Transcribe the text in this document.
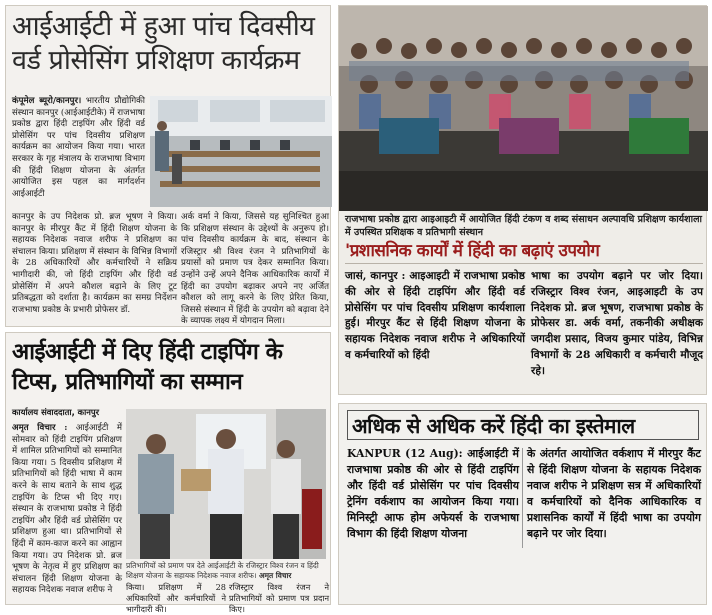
आईआईटी में हुआ पांच दिवसीय वर्ड प्रोसेसिंग प्रशिक्षण कार्यक्रम
कंपूमेल ब्यूरो/कानपुर। भारतीय प्रौद्योगिकी संस्थान कानपुर (आईआईटीके) में राजभाषा प्रकोष्ठ द्वारा हिंदी टाइपिंग और हिंदी वर्ड प्रोसेसिंग पर पांच दिवसीय प्रशिक्षण कार्यक्रम का आयोजन किया गया। भारत सरकार के गृह मंत्रालय के राजभाषा विभाग की हिंदी शिक्षण योजना के अंतर्गत आयोजित इस पहल का मार्गदर्शन आईआईटी
कानपुर के उप निदेशक प्रो. ब्रज भूषण ने किया। कानपुर के मीरपुर कैंट में हिंदी शिक्षण योजना के सहायक निदेशक नवाज शरीफ ने प्रशिक्षण का संचालन किया। प्रशिक्षण में संस्थान के विभिन्न विभागों के 28 अधिकारियों और कर्मचारियों ने सक्रिय भागीदारी की, जो हिंदी टाइपिंग और हिंदी वर्ड प्रोसेसिंग में अपने कौशल बढ़ाने के लिए टूट प्रतिबद्धता को दर्शाता है। कार्यक्रम का समग्र निर्देशन राजभाषा प्रकोष्ठ के प्रभारी प्रोफेसर डॉ.
अर्क वर्मा ने किया, जिससे यह सुनिश्चित हुआ कि प्रशिक्षण संस्थान के उद्देश्यों के अनुरूप हो। पांच दिवसीय कार्यक्रम के बाद, संस्थान के रजिस्ट्रार श्री विश्व रंजन ने प्रतिभागियों के प्रयासों को प्रमाण पत्र देकर सम्मानित किया। उन्होंने उन्हें अपने दैनिक आधिकारिक कार्यों में हिंदी का उपयोग बढ़ाकर अपने नए अर्जित कौशल को लागू करने के लिए प्रेरित किया, जिससे संस्थान में हिंदी के उपयोग को बढ़ावा देने के व्यापक लक्ष्य में योगदान मिला।
राजभाषा प्रकोष्ठ द्वारा आइआइटी में आयोजित हिंदी टंकण व शब्द संसाधन अल्पावधि प्रशिक्षण कार्यशाला में उपस्थित प्रशिक्षक व प्रतिभागी संस्थान
'प्रशासनिक कार्यों में हिंदी का बढ़ाएं उपयोग
जासं, कानपुर : आइआइटी में राजभाषा प्रकोष्ठ की ओर से हिंदी टाइपिंग और हिंदी वर्ड प्रोसेसिंग पर पांच दिवसीय प्रशिक्षण कार्यशाला हुई। मीरपुर कैंट से हिंदी शिक्षण योजना के सहायक निदेशक नवाज शरीफ ने अधिकारियों व कर्मचारियों को हिंदी
भाषा का उपयोग बढ़ाने पर जोर दिया। रजिस्ट्रार विश्व रंजन, आइआइटी के उप निदेशक प्रो. ब्रज भूषण, राजभाषा प्रकोष्ठ के प्रोफेसर डा. अर्क वर्मा, तकनीकी अधीक्षक जगदीश प्रसाद, विजय कुमार पांडेय, विभिन्न विभागों के 28 अधिकारी व कर्मचारी मौजूद रहे।
आईआईटी में दिए हिंदी टाइपिंग के टिप्स, प्रतिभागियों का सम्मान
कार्यालय संवाददाता, कानपुर
अमृत विचार : आईआईटी में सोमवार को हिंदी टाइपिंग प्रशिक्षण में शामिल प्रतिभागियों को सम्मानित किया गया। 5 दिवसीय प्रशिक्षण में प्रतिभागियों को हिंदी भाषा में काम करने के साथ बताने के साथ शुद्ध टाइपिंग के टिप्स भी दिए गए। संस्थान के राजभाषा प्रकोष्ठ ने हिंदी टाइपिंग और हिंदी वर्ड प्रोसेसिंग पर प्रशिक्षण हुआ था। प्रतिभागियों से हिंदी में काम-काज करने का आह्वान किया गया। उप निदेशक प्रो. ब्रज भूषण के नेतृत्व में हुए प्रशिक्षण का संचालन हिंदी शिक्षण योजना के सहायक निदेशक नवाज शरीफ ने
प्रतिभागियों को प्रमाण पत्र देते आईआईटी के रजिस्ट्रार विश्व रंजन व हिंदी शिक्षण योजना के सहायक निदेशक नवाज शरीफ। अमृत विचार
किया। प्रशिक्षण में 28 अधिकारियों और कर्मचारियों ने भागीदारी की।
रजिस्ट्रार विश्व रंजन ने प्रतिभागियों को प्रमाण पत्र प्रदान किए।
अधिक से अधिक करें हिंदी का इस्तेमाल
KANPUR (12 Aug): आईआईटी में राजभाषा प्रकोष्ठ की ओर से हिंदी टाइपिंग और हिंदी वर्ड प्रोसेसिंग पर पांच दिवसीय ट्रेनिंग वर्कशाप का आयोजन किया गया। मिनिस्ट्री आफ होम अफेयर्स के राजभाषा विभाग की हिंदी शिक्षण योजना
के अंतर्गत आयोजित वर्कशाप में मीरपुर कैंट से हिंदी शिक्षण योजना के सहायक निदेशक नवाज शरीफ ने प्रशिक्षण सत्र में अधिकारियों व कर्मचारियों को दैनिक आधिकारिक व प्रशासनिक कार्यों में हिंदी भाषा का उपयोग बढ़ाने पर जोर दिया।
